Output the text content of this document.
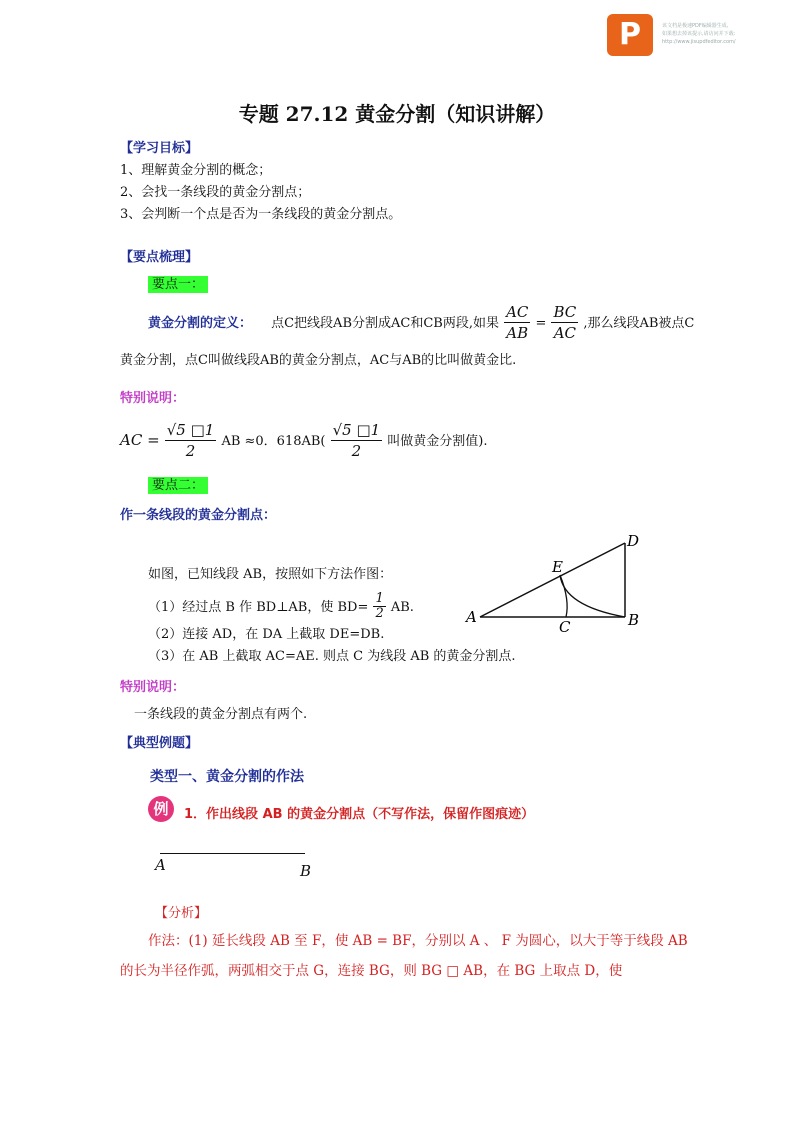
P	该文档是极速PDF编辑器生成,
如果想去掉该提示,请访问并下载:
http://www.jisupdfeditor.com/
专题 27.12 黄金分割（知识讲解）
【学习目标】
1、理解黄金分割的概念；
2、会找一条线段的黄金分割点；
3、会判断一个点是否为一条线段的黄金分割点。
【要点梳理】
要点一：
黄金分割的定义： 点C把线段AB分割成AC和CB两段,如果 $\frac{AC}{AB} = \frac{BC}{AC}$ ,那么线段AB被点C
黄金分割，点C叫做线段AB的黄金分割点，AC与AB的比叫做黄金比.
特别说明：
AC = $\frac{√5 □1}{2}$ AB ≈0．$618AB( \frac{√5 □1}{2}$ 叫做黄金分割值).
要点二：
作一条线段的黄金分割点：
如图，已知线段 AB，按照如下方法作图：
（1）经过点 B 作 BD⊥AB，使 $BD= \frac{1}{2}$ AB.
（2）连接 AD，在 DA 上截取 DE=DB.
（3）在 AB 上截取 AC=AE. 则点 C 为线段 AB 的黄金分割点.
A	B
C
D
E
特别说明：
一条线段的黄金分割点有两个.
【典型例题】
类型一、黄金分割的作法
例	1．作出线段 AB 的黄金分割点（不写作法，保留作图痕迹）
A	B
【分析】
作法：(1) 延长线段 AB 至 F，使 AB = BF，分别以 A 、 F 为圆心，以大于等于线段 AB
的长为半径作弧，两弧相交于点 G，连接 BG，则 BG □ AB，在 BG 上取点 D，使
